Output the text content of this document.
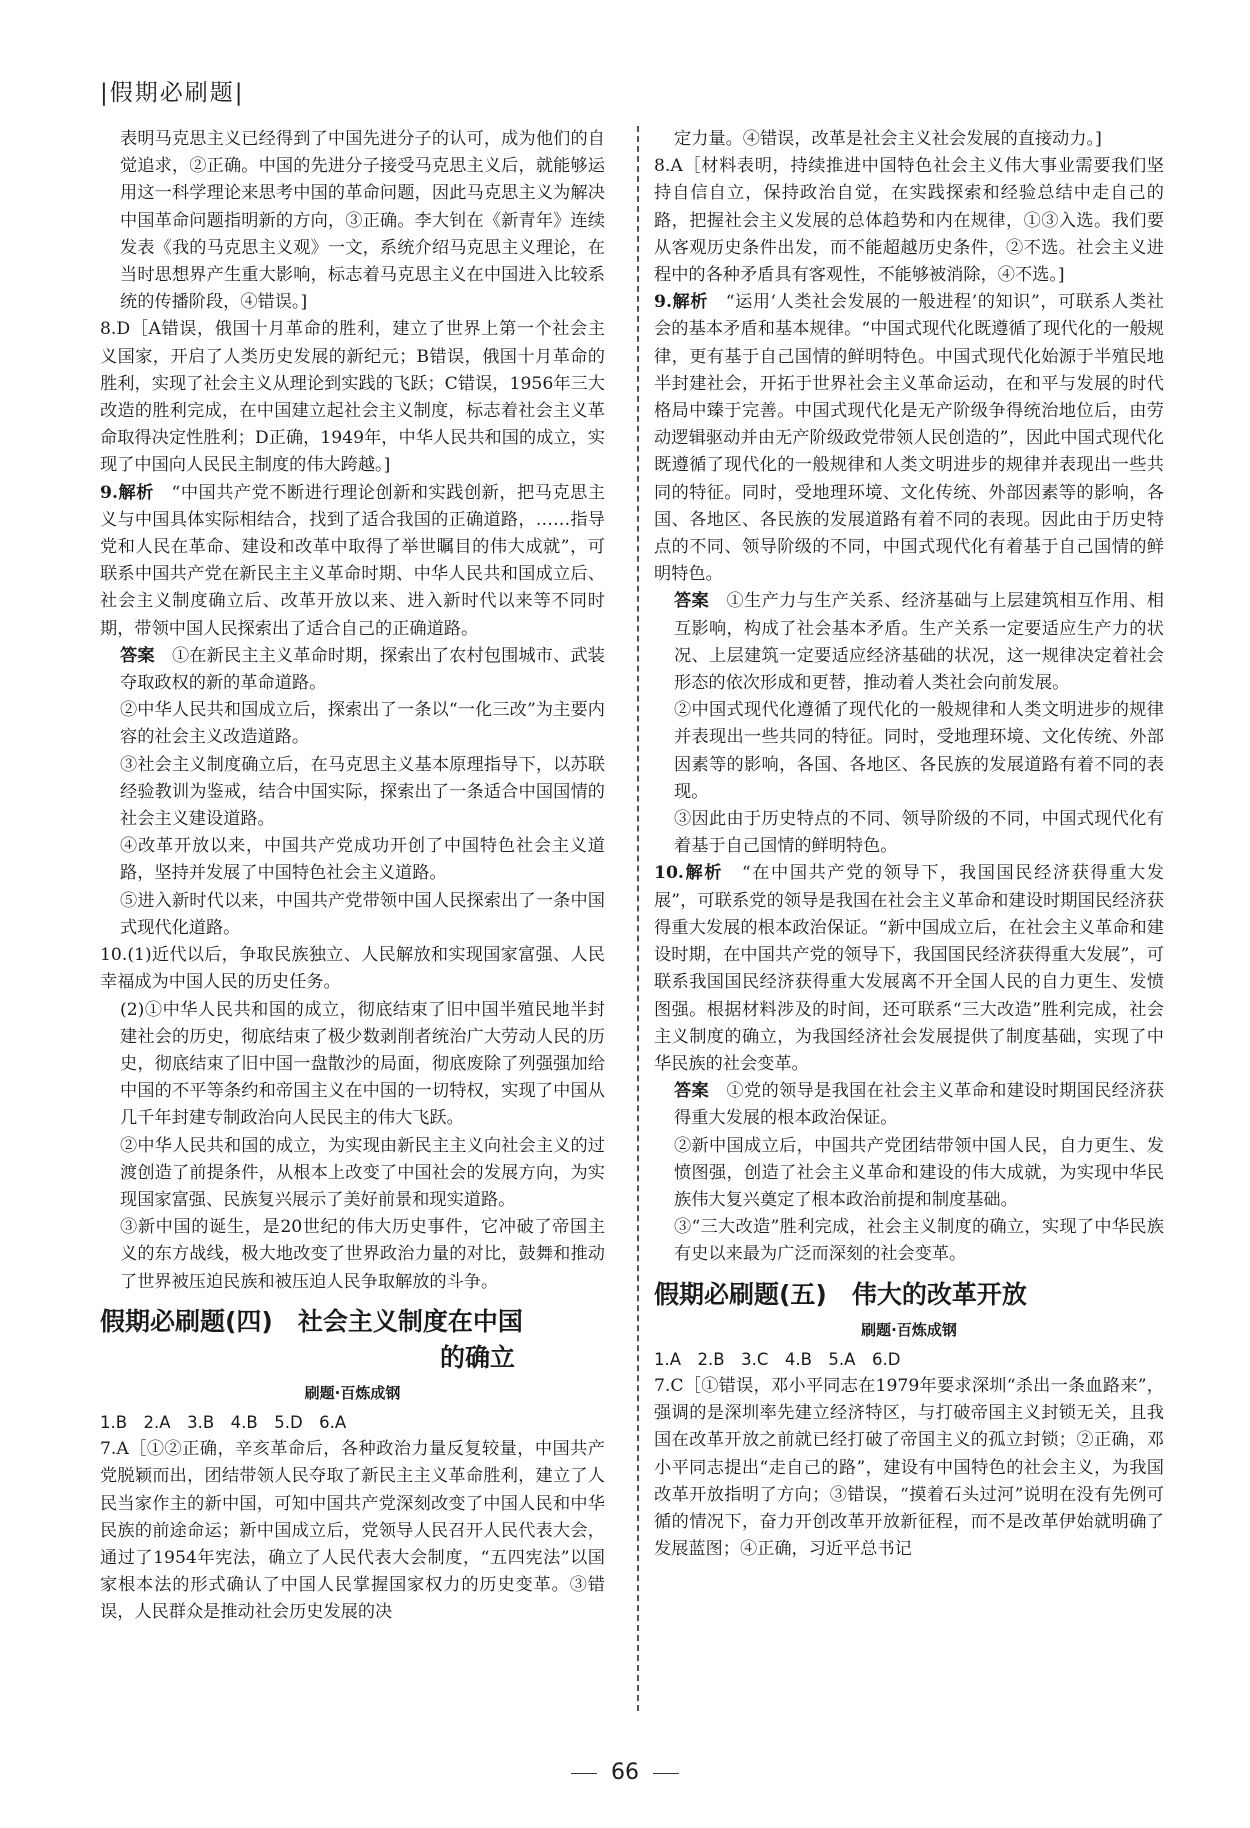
|假期必刷题|

表明马克思主义已经得到了中国先进分子的认可，成为他们的自觉追求，②正确。中国的先进分子接受马克思主义后，就能够运用这一科学理论来思考中国的革命问题，因此马克思主义为解决中国革命问题指明新的方向，③正确。李大钊在《新青年》连续发表《我的马克思主义观》一文，系统介绍马克思主义理论，在当时思想界产生重大影响，标志着马克思主义在中国进入比较系统的传播阶段，④错误。]

8.D［A错误，俄国十月革命的胜利，建立了世界上第一个社会主义国家，开启了人类历史发展的新纪元；B错误，俄国十月革命的胜利，实现了社会主义从理论到实践的飞跃；C错误，1956年三大改造的胜利完成，在中国建立起社会主义制度，标志着社会主义革命取得决定性胜利；D正确，1949年，中华人民共和国的成立，实现了中国向人民民主制度的伟大跨越。]

9.解析　 “中国共产党不断进行理论创新和实践创新，把马克思主义与中国具体实际相结合，找到了适合我国的正确道路，……指导党和人民在革命、建设和改革中取得了举世瞩目的伟大成就”，可联系中国共产党在新民主主义革命时期、中华人民共和国成立后、社会主义制度确立后、改革开放以来、进入新时代以来等不同时期，带领中国人民探索出了适合自己的正确道路。

答案　 ①在新民主主义革命时期，探索出了农村包围城市、武装夺取政权的新的革命道路。

②中华人民共和国成立后，探索出了一条以“一化三改”为主要内容的社会主义改造道路。

③社会主义制度确立后，在马克思主义基本原理指导下，以苏联经验教训为鉴戒，结合中国实际，探索出了一条适合中国国情的社会主义建设道路。

④改革开放以来，中国共产党成功开创了中国特色社会主义道路，坚持并发展了中国特色社会主义道路。

⑤进入新时代以来，中国共产党带领中国人民探索出了一条中国式现代化道路。

10.(1)近代以后，争取民族独立、人民解放和实现国家富强、人民幸福成为中国人民的历史任务。

(2)①中华人民共和国的成立，彻底结束了旧中国半殖民地半封建社会的历史，彻底结束了极少数剥削者统治广大劳动人民的历史，彻底结束了旧中国一盘散沙的局面，彻底废除了列强强加给中国的不平等条约和帝国主义在中国的一切特权，实现了中国从几千年封建专制政治向人民民主的伟大飞跃。

②中华人民共和国的成立，为实现由新民主主义向社会主义的过渡创造了前提条件，从根本上改变了中国社会的发展方向，为实现国家富强、民族复兴展示了美好前景和现实道路。

③新中国的诞生，是20世纪的伟大历史事件，它冲破了帝国主义的东方战线，极大地改变了世界政治力量的对比，鼓舞和推动了世界被压迫民族和被压迫人民争取解放的斗争。

假期必刷题(四)　社会主义制度在中国
的确立
刷题·百炼成钢

1.B　2.A　3.B　4.B　5.D　6.A

7.A［①②正确，辛亥革命后，各种政治力量反复较量，中国共产党脱颖而出，团结带领人民夺取了新民主主义革命胜利，建立了人民当家作主的新中国，可知中国共产党深刻改变了中国人民和中华民族的前途命运；新中国成立后，党领导人民召开人民代表大会，通过了1954年宪法，确立了人民代表大会制度，“五四宪法”以国家根本法的形式确认了中国人民掌握国家权力的历史变革。③错误，人民群众是推动社会历史发展的决

定力量。④错误，改革是社会主义社会发展的直接动力。]

8.A［材料表明，持续推进中国特色社会主义伟大事业需要我们坚持自信自立，保持政治自觉，在实践探索和经验总结中走自己的路，把握社会主义发展的总体趋势和内在规律，①③入选。我们要从客观历史条件出发，而不能超越历史条件，②不选。社会主义进程中的各种矛盾具有客观性，不能够被消除，④不选。]

9.解析　 “运用‘人类社会发展的一般进程’的知识”，可联系人类社会的基本矛盾和基本规律。“中国式现代化既遵循了现代化的一般规律，更有基于自己国情的鲜明特色。中国式现代化始源于半殖民地半封建社会，开拓于世界社会主义革命运动，在和平与发展的时代格局中臻于完善。中国式现代化是无产阶级争得统治地位后，由劳动逻辑驱动并由无产阶级政党带领人民创造的”，因此中国式现代化既遵循了现代化的一般规律和人类文明进步的规律并表现出一些共同的特征。同时，受地理环境、文化传统、外部因素等的影响，各国、各地区、各民族的发展道路有着不同的表现。因此由于历史特点的不同、领导阶级的不同，中国式现代化有着基于自己国情的鲜明特色。

答案　 ①生产力与生产关系、经济基础与上层建筑相互作用、相互影响，构成了社会基本矛盾。生产关系一定要适应生产力的状况、上层建筑一定要适应经济基础的状况，这一规律决定着社会形态的依次形成和更替，推动着人类社会向前发展。

②中国式现代化遵循了现代化的一般规律和人类文明进步的规律并表现出一些共同的特征。同时，受地理环境、文化传统、外部因素等的影响，各国、各地区、各民族的发展道路有着不同的表现。

③因此由于历史特点的不同、领导阶级的不同，中国式现代化有着基于自己国情的鲜明特色。

10.解析　 “在中国共产党的领导下，我国国民经济获得重大发展”，可联系党的领导是我国在社会主义革命和建设时期国民经济获得重大发展的根本政治保证。“新中国成立后，在社会主义革命和建设时期，在中国共产党的领导下，我国国民经济获得重大发展”，可联系我国国民经济获得重大发展离不开全国人民的自力更生、发愤图强。根据材料涉及的时间，还可联系“三大改造”胜利完成，社会主义制度的确立，为我国经济社会发展提供了制度基础，实现了中华民族的社会变革。

答案　 ①党的领导是我国在社会主义革命和建设时期国民经济获得重大发展的根本政治保证。

②新中国成立后，中国共产党团结带领中国人民，自力更生、发愤图强，创造了社会主义革命和建设的伟大成就，为实现中华民族伟大复兴奠定了根本政治前提和制度基础。

③“三大改造”胜利完成，社会主义制度的确立，实现了中华民族有史以来最为广泛而深刻的社会变革。

假期必刷题(五)　伟大的改革开放
刷题·百炼成钢

1.A　2.B　3.C　4.B　5.A　6.D

7.C［①错误，邓小平同志在1979年要求深圳“杀出一条血路来”，强调的是深圳率先建立经济特区，与打破帝国主义封锁无关，且我国在改革开放之前就已经打破了帝国主义的孤立封锁；②正确，邓小平同志提出“走自己的路”，建设有中国特色的社会主义，为我国改革开放指明了方向；③错误，“摸着石头过河”说明在没有先例可循的情况下，奋力开创改革开放新征程，而不是改革伊始就明确了发展蓝图；④正确，习近平总书记

66
